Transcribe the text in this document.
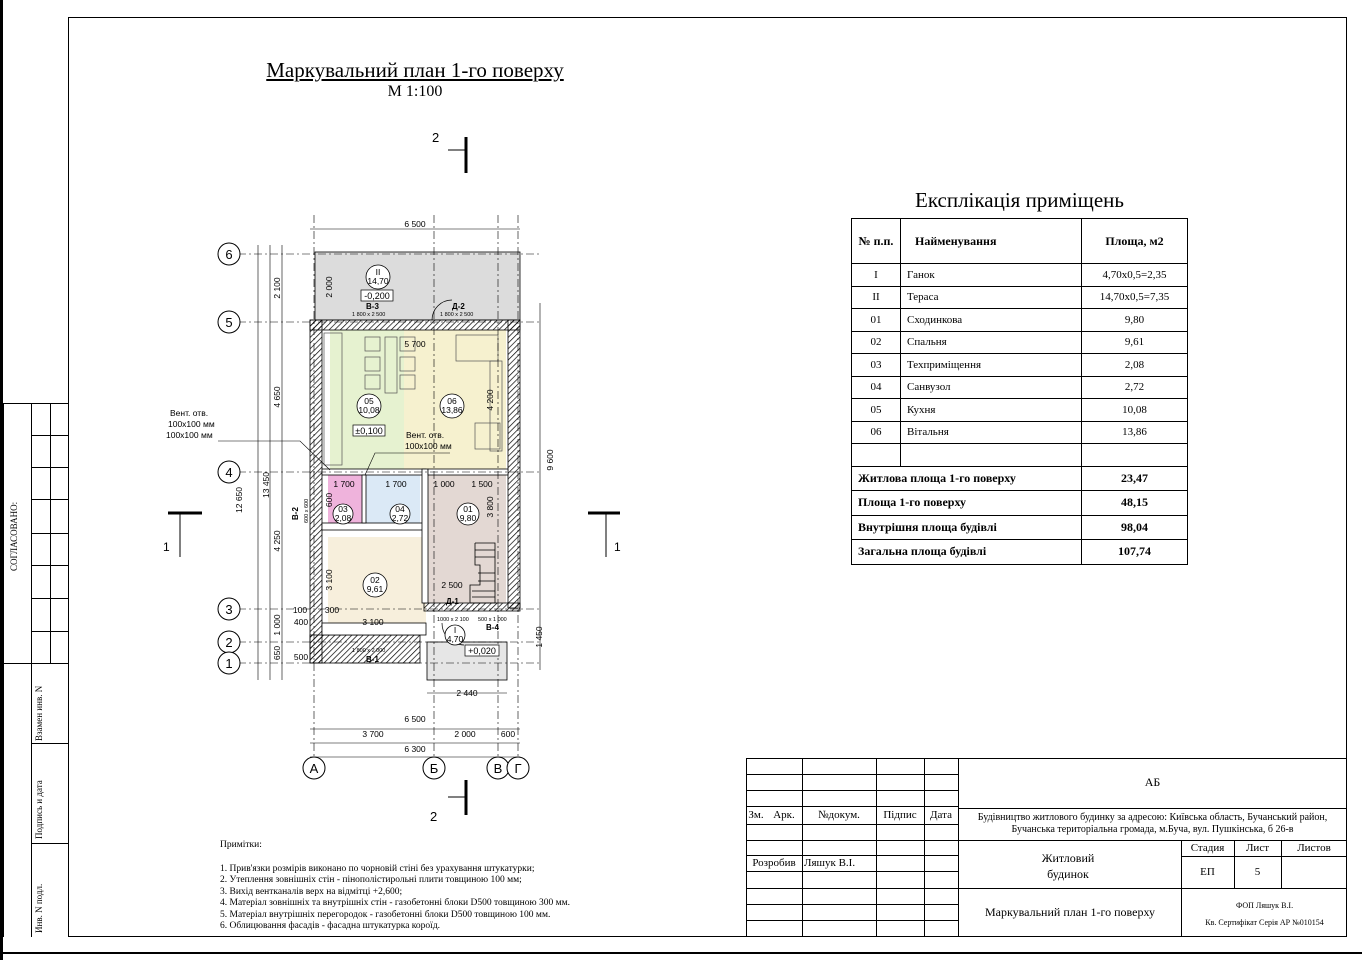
СОГЛАСОВАНО:
Взамен инв. N
Подпись и дата
Инв. N подл.
Маркувальний план 1-го поверху
М 1:100
2
2
1	1
6
5
4
3
2
1
А	Б	В Г
II
14,70
05
10,08
06
13,86
03
2,08
04
2,72
01
9,80
02
9,61
I
4,70
-0,200
±0,100
+0,020
В-3	Д-2
В-2
В-1
В-4
Д-1
1 800 x 2 500	1 800 x 2 500
1 800 x 2 000
600 x 600
1000 x 2 100 500 x 1 000
Вент. отв.
100х100 мм
100х100 мм	Вент. отв.
100х100 мм
6 500
5 700
4 200
1 700	1 700	1 000 1 500
3 800
2 500
3 100
3 100
2 440
100 300
400
600
500
6 500
3 700	2 000	600
6 300
2 100
4 650
4 250
1 000
650
12 650
13 450
2 000
9 600
1 450
Експлікація приміщень
№ п.п.	Найменування	Площа, м2
I	Ганок	4,70х0,5=2,35
II	Тераса	14,70х0,5=7,35
01	Сходинкова	9,80
02	Спальня	9,61
03	Техприміщення	2,08
04	Санвузол	2,72
05	Кухня	10,08
06	Вітальня	13,86

Житлова площа 1-го поверху		23,47
Площа 1-го поверху		48,15
Внутрішня площа будівлі		98,04
Загальна площа будівлі		107,74
Примітки:
1. Прив'язки розмірів виконано по чорновій стіні без урахування штукатурки;
2. Утеплення зовнішніх стін - пінополістирольні плити товщиною 100 мм;
3. Вихід вентканалів верх на відмітці +2,600;
4. Матеріал зовнішніх та внутрішніх стін - газобетонні блоки D500 товщиною 300 мм.
5. Матеріал внутрішніх перегородок - газобетонні блоки D500 товщиною 100 мм.
6. Облицювання фасадів - фасадна штукатурка короїд.
АБ
Будівництво житлового будинку за адресою: Київська область, Бучанський район, Бучанська територіальна громада, м.Буча, вул. Пушкінська, б 26-в
Зм. Арк.	№докум.	Підпис	Дата
Розробив Ляшук В.І.	Житловий будинок
Стадия	Лист	Листов
ЕП	5
Маркувальний план 1-го поверху	ФОП Ляшук В.І.
Кв. Сертифікат Серія АР №010154
